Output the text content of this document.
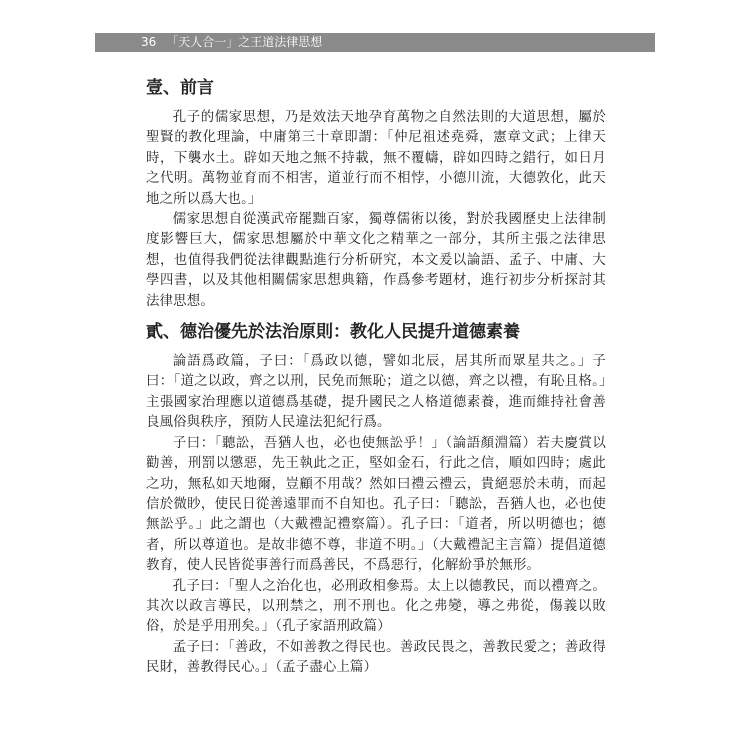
36 「天人合一」之王道法律思想
壹、前言

孔子的儒家思想，乃是效法天地孕育萬物之自然法則的大道思想，屬於聖賢的教化理論，中庸第三十章即謂：「仲尼祖述堯舜，憲章文武；上律天時，下襲水土。辟如天地之無不持載，無不覆幬，辟如四時之錯行，如日月之代明。萬物並育而不相害，道並行而不相悖，小德川流，大德敦化，此天地之所以爲大也。」

儒家思想自從漢武帝罷黜百家，獨尊儒術以後，對於我國歷史上法律制度影響巨大，儒家思想屬於中華文化之精華之一部分，其所主張之法律思想，也值得我們從法律觀點進行分析研究，本文爰以論語、孟子、中庸、大學四書，以及其他相關儒家思想典籍，作爲參考題材，進行初步分析探討其法律思想。

貳、德治優先於法治原則：教化人民提升道德素養

論語爲政篇，子曰：「爲政以德，譬如北辰，居其所而眾星共之。」子曰：「道之以政，齊之以刑，民免而無恥；道之以德，齊之以禮，有恥且格。」主張國家治理應以道德爲基礎，提升國民之人格道德素養，進而維持社會善良風俗與秩序，預防人民違法犯紀行爲。

子曰：「聽訟，吾猶人也，必也使無訟乎！」（論語顏淵篇）若夫慶賞以勸善，刑罰以懲惡，先王執此之正，堅如金石，行此之信，順如四時；處此之功，無私如天地爾，豈顧不用哉？然如曰禮云禮云，貴絕惡於未萌，而起信於微眇，使民日從善遠罪而不自知也。孔子曰：「聽訟，吾猶人也，必也使無訟乎。」此之謂也（大戴禮記禮察篇）。孔子曰：「道者，所以明德也；德者，所以尊道也。是故非德不尊，非道不明。」（大戴禮記主言篇）提倡道德教育，使人民皆從事善行而爲善民，不爲惡行，化解紛爭於無形。

孔子曰：「聖人之治化也，必刑政相參焉。太上以德教民，而以禮齊之。其次以政言導民，以刑禁之，刑不刑也。化之弗變，導之弗從，傷義以敗俗，於是乎用刑矣。」（孔子家語刑政篇）

孟子曰：「善政，不如善教之得民也。善政民畏之，善教民愛之；善政得民財，善教得民心。」（孟子盡心上篇）
